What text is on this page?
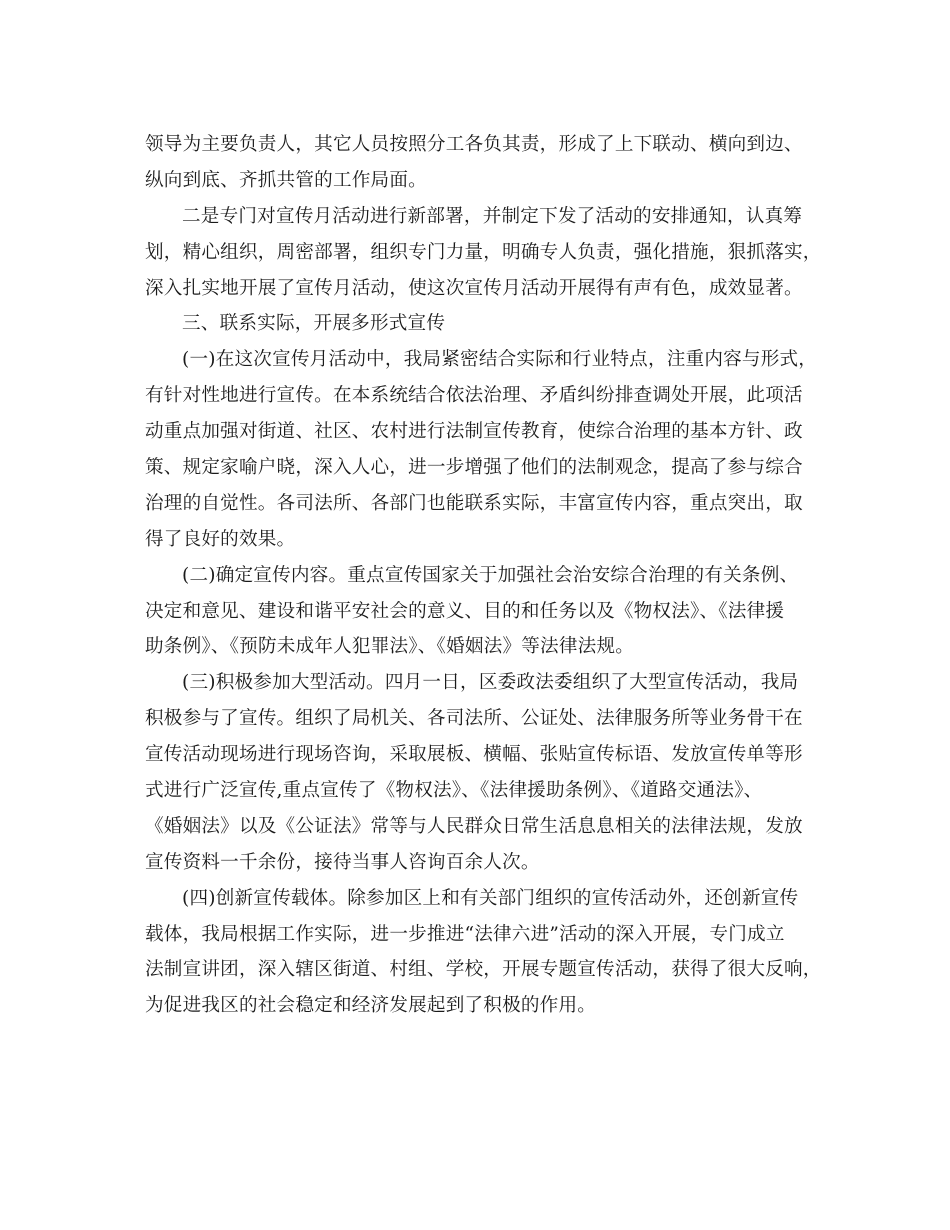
领导为主要负责人，其它人员按照分工各负其责，形成了上下联动、横向到边、
纵向到底、齐抓共管的工作局面。

二是专门对宣传月活动进行新部署，并制定下发了活动的安排通知，认真筹
划，精心组织，周密部署，组织专门力量，明确专人负责，强化措施，狠抓落实，
深入扎实地开展了宣传月活动，使这次宣传月活动开展得有声有色，成效显著。

三、联系实际，开展多形式宣传

(一)在这次宣传月活动中，我局紧密结合实际和行业特点，注重内容与形式，
有针对性地进行宣传。在本系统结合依法治理、矛盾纠纷排查调处开展，此项活
动重点加强对街道、社区、农村进行法制宣传教育，使综合治理的基本方针、政
策、规定家喻户晓，深入人心，进一步增强了他们的法制观念，提高了参与综合
治理的自觉性。各司法所、各部门也能联系实际，丰富宣传内容，重点突出，取
得了良好的效果。

(二)确定宣传内容。重点宣传国家关于加强社会治安综合治理的有关条例、
决定和意见、建设和谐平安社会的意义、目的和任务以及《物权法》、《法律援
助条例》、《预防未成年人犯罪法》、《婚姻法》等法律法规。

(三)积极参加大型活动。四月一日，区委政法委组织了大型宣传活动，我局
积极参与了宣传。组织了局机关、各司法所、公证处、法律服务所等业务骨干在
宣传活动现场进行现场咨询，采取展板、横幅、张贴宣传标语、发放宣传单等形
式进行广泛宣传,重点宣传了《物权法》、《法律援助条例》、《道路交通法》、
《婚姻法》以及《公证法》常等与人民群众日常生活息息相关的法律法规，发放
宣传资料一千余份，接待当事人咨询百余人次。

(四)创新宣传载体。除参加区上和有关部门组织的宣传活动外，还创新宣传
载体，我局根据工作实际，进一步推进“法律六进”活动的深入开展，专门成立
法制宣讲团，深入辖区街道、村组、学校，开展专题宣传活动，获得了很大反响，
为促进我区的社会稳定和经济发展起到了积极的作用。
